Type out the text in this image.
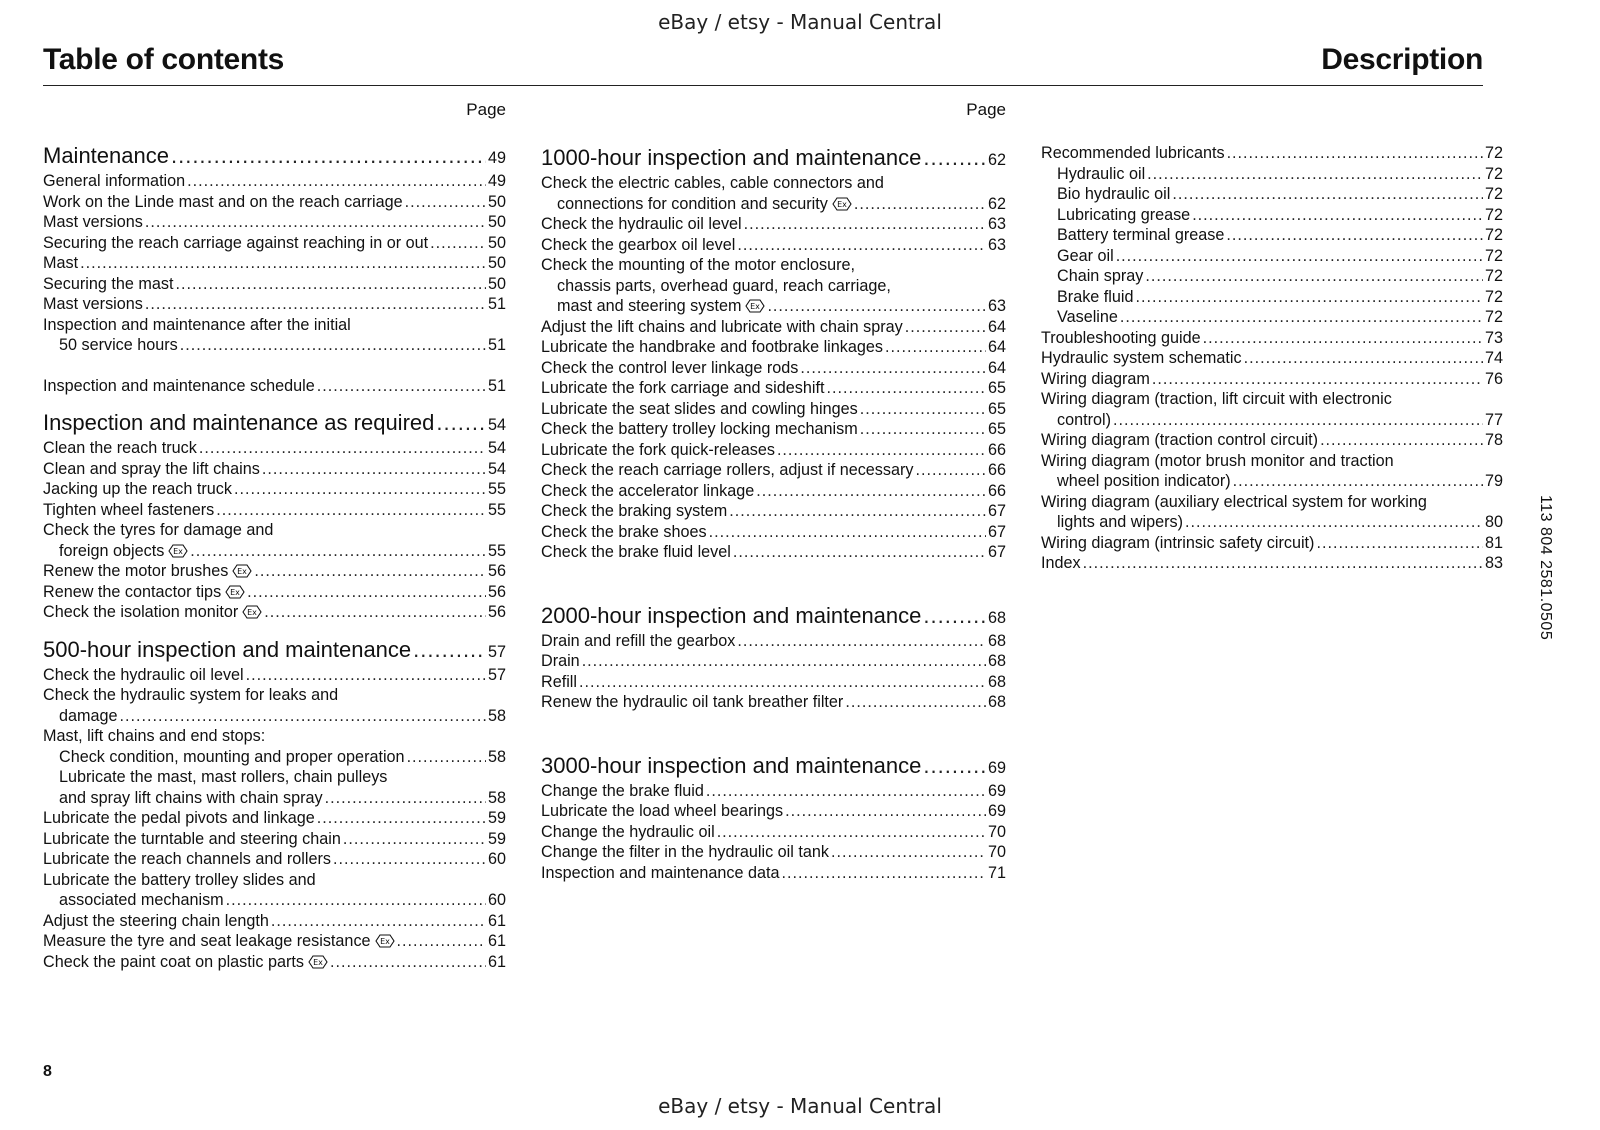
eBay / etsy - Manual Central
Table of contents	Description
Page	Page
Maintenance .....	49
General information .....	49
Work on the Linde mast and on the reach carriage .....	50
Mast versions .....	50
Securing the reach carriage against reaching in or out .....	50
Mast .....	50
Securing the mast .....	50
Mast versions .....	51
Inspection and maintenance after the initial
50 service hours .....	51
Inspection and maintenance schedule .....	51
Inspection and maintenance as required .....	54
Clean the reach truck .....	54
Clean and spray the lift chains .....	54
Jacking up the reach truck .....	55
Tighten wheel fasteners .....	55
Check the tyres for damage and
foreign objects .....	55
Renew the motor brushes .....	56
Renew the contactor tips .....	56
Check the isolation monitor .....	56
500-hour inspection and maintenance .....	57
Check the hydraulic oil level .....	57
Check the hydraulic system for leaks and
damage .....	58
Mast, lift chains and end stops:
Check condition, mounting and proper operation .....	58
Lubricate the mast, mast rollers, chain pulleys
and spray lift chains with chain spray .....	58
Lubricate the pedal pivots and linkage .....	59
Lubricate the turntable and steering chain .....	59
Lubricate the reach channels and rollers .....	60
Lubricate the battery trolley slides and
associated mechanism .....	60
Adjust the steering chain length .....	61
Measure the tyre and seat leakage resistance .....	61
Check the paint coat on plastic parts .....	61
1000-hour inspection and maintenance .....	62
Check the electric cables, cable connectors and
connections for condition and security .....	62
Check the hydraulic oil level .....	63
Check the gearbox oil level .....	63
Check the mounting of the motor enclosure,
chassis parts, overhead guard, reach carriage,
mast and steering system .....	63
Adjust the lift chains and lubricate with chain spray .....	64
Lubricate the handbrake and footbrake linkages .....	64
Check the control lever linkage rods .....	64
Lubricate the fork carriage and sideshift .....	65
Lubricate the seat slides and cowling hinges .....	65
Check the battery trolley locking mechanism .....	65
Lubricate the fork quick-releases .....	66
Check the reach carriage rollers, adjust if necessary .....	66
Check the accelerator linkage .....	66
Check the braking system .....	67
Check the brake shoes .....	67
Check the brake fluid level .....	67
2000-hour inspection and maintenance .....	68
Drain and refill the gearbox .....	68
Drain .....	68
Refill .....	68
Renew the hydraulic oil tank breather filter .....	68
3000-hour inspection and maintenance .....	69
Change the brake fluid .....	69
Lubricate the load wheel bearings .....	69
Change the hydraulic oil .....	70
Change the filter in the hydraulic oil tank .....	70
Inspection and maintenance data .....	71
Recommended lubricants .....	72
Hydraulic oil .....	72
Bio hydraulic oil .....	72
Lubricating grease .....	72
Battery terminal grease .....	72
Gear oil .....	72
Chain spray .....	72
Brake fluid .....	72
Vaseline .....	72
Troubleshooting guide .....	73
Hydraulic system schematic .....	74
Wiring diagram .....	76
Wiring diagram (traction, lift circuit with electronic
control) .....	77
Wiring diagram (traction control circuit) .....	78
Wiring diagram (motor brush monitor and traction
wheel position indicator) .....	79
Wiring diagram (auxiliary electrical system for working
lights and wipers) .....	80
Wiring diagram (intrinsic safety circuit) .....	81
Index .....	83	113 804 2581.0505
8
eBay / etsy - Manual Central
